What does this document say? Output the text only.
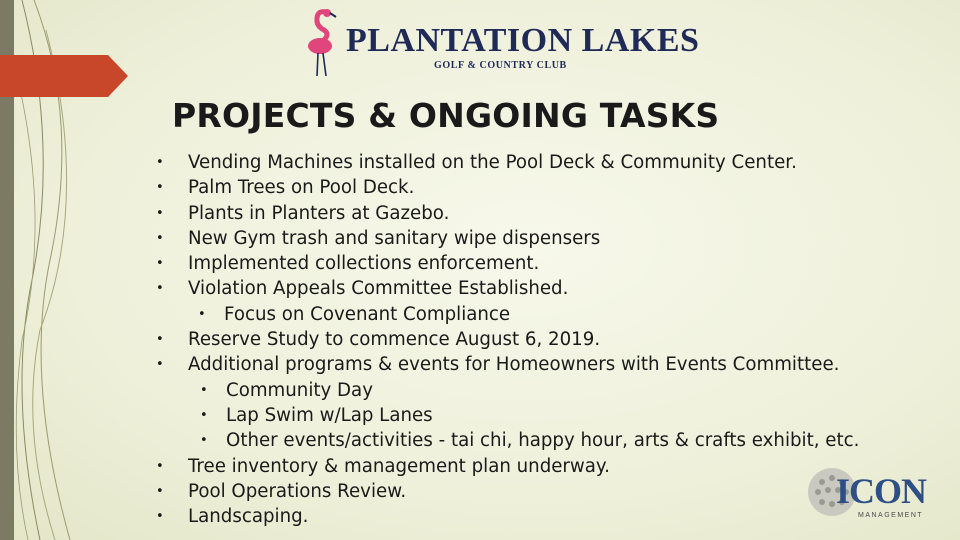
PLANTATION LAKES
GOLF & COUNTRY CLUB
PROJECTS & ONGOING TASKS
•	Vending Machines installed on the Pool Deck & Community Center.
•	Palm Trees on Pool Deck.
•	Plants in Planters at Gazebo.
•	New Gym trash and sanitary wipe dispensers
•	Implemented collections enforcement.
•	Violation Appeals Committee Established.
•	Focus on Covenant Compliance
•	Reserve Study to commence August 6, 2019.
•	Additional programs & events for Homeowners with Events Committee.
•	Community Day
•	Lap Swim w/Lap Lanes
•	Other events/activities - tai chi, happy hour, arts & crafts exhibit, etc.
•	Tree inventory & management plan underway.
•	Pool Operations Review.
•	Landscaping.
ICON
MANAGEMENT
